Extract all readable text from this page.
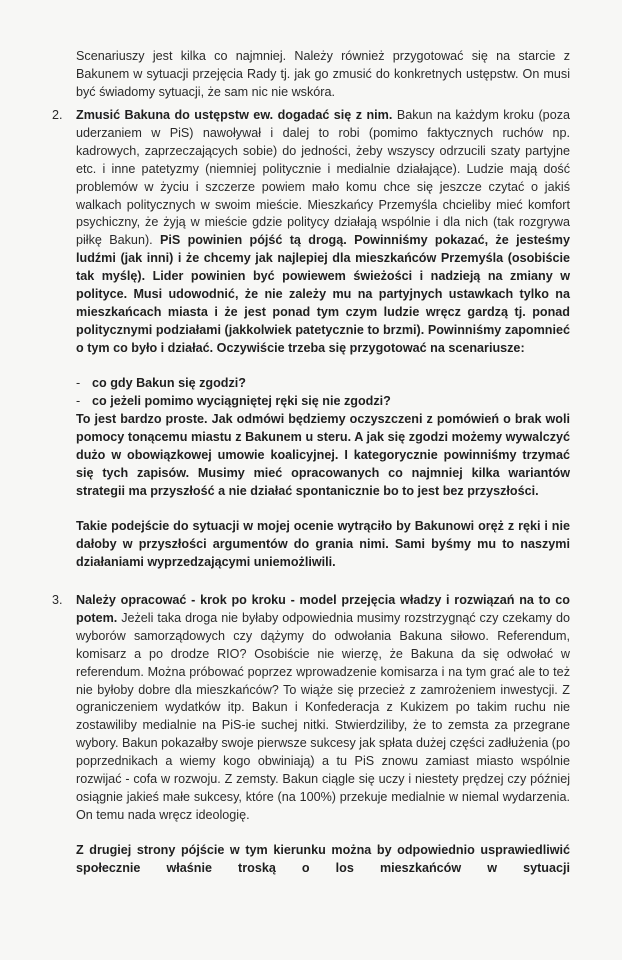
Scenariuszy jest kilka co najmniej. Należy również przygotować się na starcie z Bakunem w sytuacji przejęcia Rady tj. jak go zmusić do konkretnych ustępstw. On musi być świadomy sytuacji, że sam nic nie wskóra.

2. Zmusić Bakuna do ustępstw ew. dogadać się z nim. Bakun na każdym kroku (poza uderzaniem w PiS) nawoływał i dalej to robi (pomimo faktycznych ruchów np. kadrowych, zaprzeczających sobie) do jedności, żeby wszyscy odrzucili szaty partyjne etc. i inne patetyzmy (niemniej politycznie i medialnie działające). Ludzie mają dość problemów w życiu i szczerze powiem mało komu chce się jeszcze czytać o jakiś walkach politycznych w swoim mieście. Mieszkańcy Przemyśla chcieliby mieć komfort psychiczny, że żyją w mieście gdzie politycy działają wspólnie i dla nich (tak rozgrywa piłkę Bakun). PiS powinien pójść tą drogą. Powinniśmy pokazać, że jesteśmy ludźmi (jak inni) i że chcemy jak najlepiej dla mieszkańców Przemyśla (osobiście tak myślę). Lider powinien być powiewem świeżości i nadzieją na zmiany w polityce. Musi udowodnić, że nie zależy mu na partyjnych ustawkach tylko na mieszkańcach miasta i że jest ponad tym czym ludzie wręcz gardzą tj. ponad politycznymi podziałami (jakkolwiek patetycznie to brzmi). Powinniśmy zapomnieć o tym co było i działać. Oczywiście trzeba się przygotować na scenariusze:

- co gdy Bakun się zgodzi?
- co jeżeli pomimo wyciągniętej ręki się nie zgodzi?

To jest bardzo proste. Jak odmówi będziemy oczyszczeni z pomówień o brak woli pomocy tonącemu miastu z Bakunem u steru. A jak się zgodzi możemy wywalczyć dużo w obowiązkowej umowie koalicyjnej. I kategorycznie powinniśmy trzymać się tych zapisów. Musimy mieć opracowanych co najmniej kilka wariantów strategii ma przyszłość a nie działać spontanicznie bo to jest bez przyszłości.

Takie podejście do sytuacji w mojej ocenie wytrąciło by Bakunowi oręż z ręki i nie dałoby w przyszłości argumentów do grania nimi. Sami byśmy mu to naszymi działaniami wyprzedzającymi uniemożliwili.

3. Należy opracować - krok po kroku - model przejęcia władzy i rozwiązań na to co potem. Jeżeli taka droga nie byłaby odpowiednia musimy rozstrzygnąć czy czekamy do wyborów samorządowych czy dążymy do odwołania Bakuna siłowo. Referendum, komisarz a po drodze RIO? Osobiście nie wierzę, że Bakuna da się odwołać w referendum. Można próbować poprzez wprowadzenie komisarza i na tym grać ale to też nie byłoby dobre dla mieszkańców? To wiąże się przecież z zamrożeniem inwestycji. Z ograniczeniem wydatków itp. Bakun i Konfederacja z Kukizem po takim ruchu nie zostawiliby medialnie na PiS-ie suchej nitki. Stwierdziliby, że to zemsta za przegrane wybory. Bakun pokazałby swoje pierwsze sukcesy jak spłata dużej części zadłużenia (po poprzednikach a wiemy kogo obwiniają) a tu PiS znowu zamiast miasto wspólnie rozwijać - cofa w rozwoju. Z zemsty. Bakun ciągle się uczy i niestety prędzej czy później osiągnie jakieś małe sukcesy, które (na 100%) przekuje medialnie w niemal wydarzenia. On temu nada wręcz ideologię.

Z drugiej strony pójście w tym kierunku można by odpowiednio usprawiedliwić społecznie właśnie troską o los mieszkańców w sytuacji
